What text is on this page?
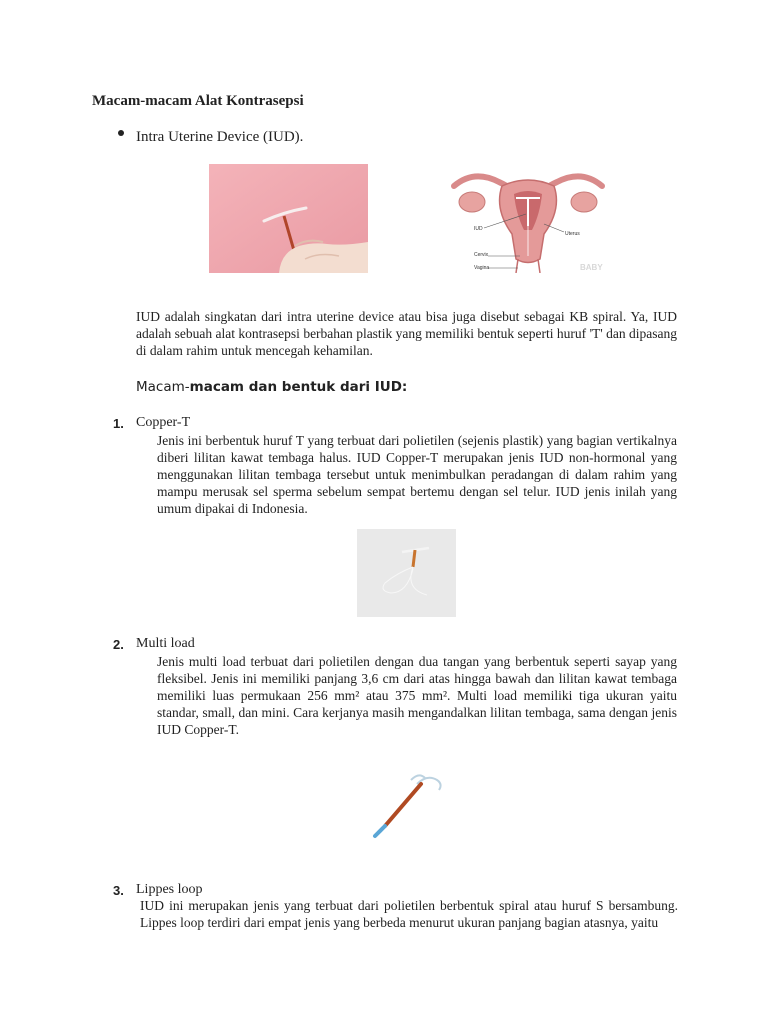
Macam-macam Alat Kontrasepsi
Intra Uterine Device (IUD).
IUD
Uterus
Cervix
Vagina	BABY
IUD adalah singkatan dari intra uterine device atau bisa juga disebut sebagai KB spiral. Ya, IUD adalah sebuah alat kontrasepsi berbahan plastik yang memiliki bentuk seperti huruf 'T' dan dipasang di dalam rahim untuk mencegah kehamilan.
Macam-macam dan bentuk dari IUD:
1. Copper-T
Jenis ini berbentuk huruf T yang terbuat dari polietilen (sejenis plastik) yang bagian vertikalnya diberi lilitan kawat tembaga halus. IUD Copper-T merupakan jenis IUD non-hormonal yang menggunakan lilitan tembaga tersebut untuk menimbulkan peradangan di dalam rahim yang mampu merusak sel sperma sebelum sempat bertemu dengan sel telur. IUD jenis inilah yang umum dipakai di Indonesia.
2. Multi load
Jenis multi load terbuat dari polietilen dengan dua tangan yang berbentuk seperti sayap yang fleksibel. Jenis ini memiliki panjang 3,6 cm dari atas hingga bawah dan lilitan kawat tembaga memiliki luas permukaan 256 mm² atau 375 mm². Multi load memiliki tiga ukuran yaitu standar, small, dan mini. Cara kerjanya masih mengandalkan lilitan tembaga, sama dengan jenis IUD Copper-T.
3. Lippes loop
IUD ini merupakan jenis yang terbuat dari polietilen berbentuk spiral atau huruf S bersambung. Lippes loop terdiri dari empat jenis yang berbeda menurut ukuran panjang bagian atasnya, yaitu
